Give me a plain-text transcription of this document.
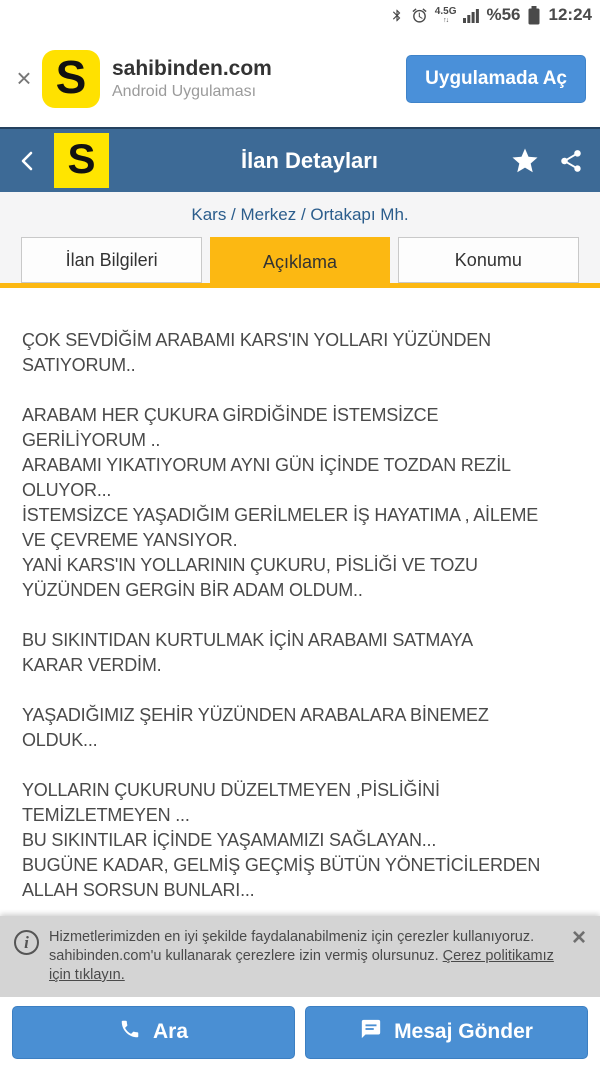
4.5G
↑↓ %56 12:24
× S sahibinden.com
Android Uygulaması
Uygulamada Aç
S	İlan Detayları
Kars / Merkez / Ortakapı Mh.
İlan Bilgileri	Açıklama	Konumu
ÇOK SEVDİĞİM ARABAMI KARS'IN YOLLARI YÜZÜNDEN
SATIYORUM..
ARABAM HER ÇUKURA GİRDİĞİNDE İSTEMSİZCE
GERİLİYORUM ..
ARABAMI YIKATIYORUM AYNI GÜN İÇİNDE TOZDAN REZİL
OLUYOR...
İSTEMSİZCE YAŞADIĞIM GERİLMELER İŞ HAYATIMA , AİLEME
VE ÇEVREME YANSIYOR.
YANİ KARS'IN YOLLARININ ÇUKURU, PİSLİĞİ VE TOZU
YÜZÜNDEN GERGİN BİR ADAM OLDUM..
BU SIKINTIDAN KURTULMAK İÇİN ARABAMI SATMAYA
KARAR VERDİM.
YAŞADIĞIMIZ ŞEHİR YÜZÜNDEN ARABALARA BİNEMEZ
OLDUK...
YOLLARIN ÇUKURUNU DÜZELTMEYEN ,PİSLİĞİNİ
TEMİZLETMEYEN ...
BU SIKINTILAR İÇİNDE YAŞAMAMIZI SAĞLAYAN...
BUGÜNE KADAR, GELMİŞ GEÇMİŞ BÜTÜN YÖNETİCİLERDEN
ALLAH SORSUN BUNLARI...
i	Hizmetlerimizden en iyi şekilde faydalanabilmeniz için çerezler kullanıyoruz. sahibinden.com'u kullanarak çerezlere izin vermiş olursunuz. Çerez politikamız için tıklayın.
×
Ara	Mesaj Gönder
